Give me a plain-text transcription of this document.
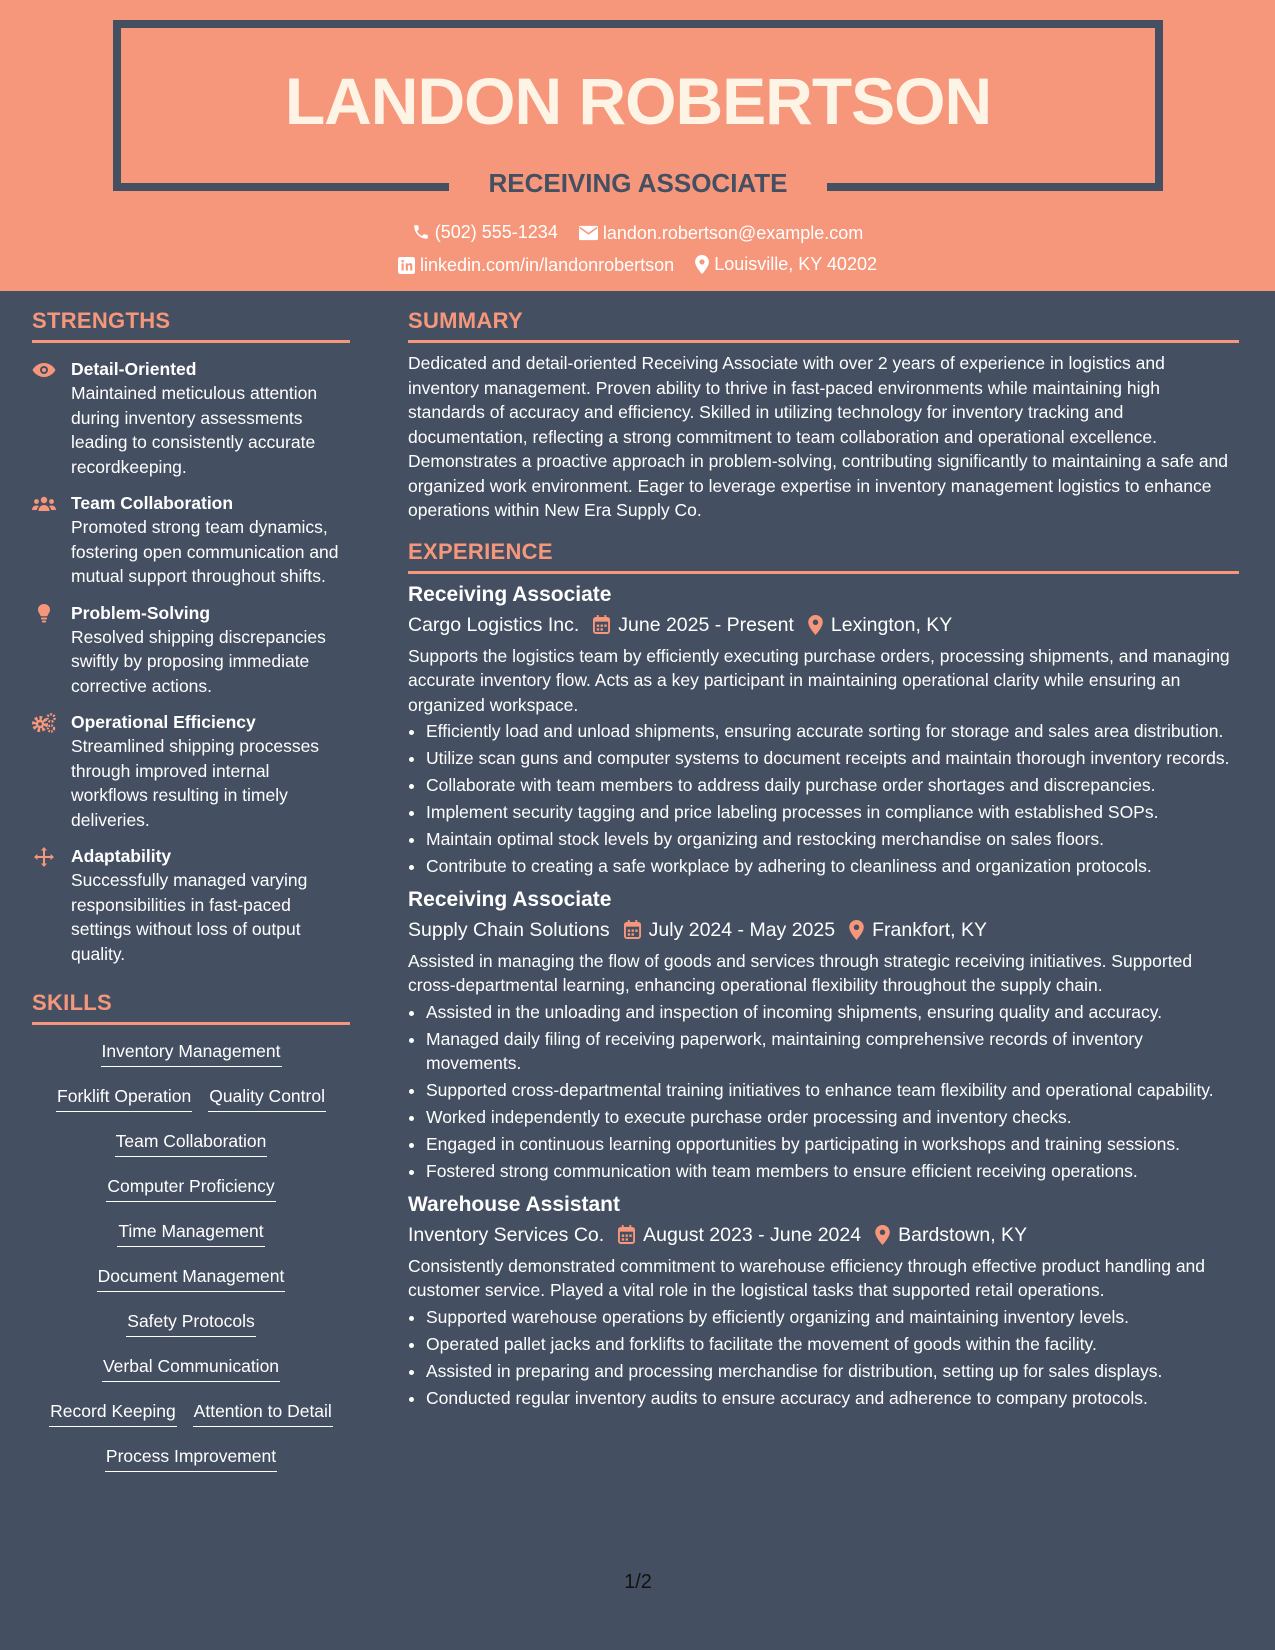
LANDON ROBERTSON
RECEIVING ASSOCIATE
(502) 555-1234
	landon.robertson@example.com
linkedin.com/in/landonrobertson
Louisville, KY 40202
STRENGTHS
Detail-Oriented
Maintained meticulous attention during inventory assessments leading to consistently accurate recordkeeping.
Team Collaboration
Promoted strong team dynamics, fostering open communication and mutual support throughout shifts.
Problem-Solving
Resolved shipping discrepancies swiftly by proposing immediate corrective actions.
Operational Efficiency
Streamlined shipping processes through improved internal workflows resulting in timely deliveries.
Adaptability
Successfully managed varying responsibilities in fast-paced settings without loss of output quality.
SKILLS
Inventory Management
Forklift Operation Quality Control
Team Collaboration
Computer Proficiency
Time Management
Document Management
Safety Protocols
Verbal Communication
Record Keeping Attention to Detail
Process Improvement
SUMMARY
Dedicated and detail-oriented Receiving Associate with over 2 years of experience in logistics and inventory management. Proven ability to thrive in fast-paced environments while maintaining high standards of accuracy and efficiency. Skilled in utilizing technology for inventory tracking and documentation, reflecting a strong commitment to team collaboration and operational excellence. Demonstrates a proactive approach in problem-solving, contributing significantly to maintaining a safe and organized work environment. Eager to leverage expertise in inventory management logistics to enhance operations within New Era Supply Co.
EXPERIENCE
Receiving Associate
Cargo Logistics Inc. June 2025 - Present Lexington, KY
Supports the logistics team by efficiently executing purchase orders, processing shipments, and managing accurate inventory flow. Acts as a key participant in maintaining operational clarity while ensuring an organized workspace.
• Efficiently load and unload shipments, ensuring accurate sorting for storage and sales area distribution.
• Utilize scan guns and computer systems to document receipts and maintain thorough inventory records.
• Collaborate with team members to address daily purchase order shortages and discrepancies.
• Implement security tagging and price labeling processes in compliance with established SOPs.
• Maintain optimal stock levels by organizing and restocking merchandise on sales floors.
• Contribute to creating a safe workplace by adhering to cleanliness and organization protocols.
Receiving Associate
Supply Chain Solutions July 2024 - May 2025 Frankfort, KY
Assisted in managing the flow of goods and services through strategic receiving initiatives. Supported cross-departmental learning, enhancing operational flexibility throughout the supply chain.
• Assisted in the unloading and inspection of incoming shipments, ensuring quality and accuracy.
• Managed daily filing of receiving paperwork, maintaining comprehensive records of inventory movements.
• Supported cross-departmental training initiatives to enhance team flexibility and operational capability.
• Worked independently to execute purchase order processing and inventory checks.
• Engaged in continuous learning opportunities by participating in workshops and training sessions.
• Fostered strong communication with team members to ensure efficient receiving operations.
Warehouse Assistant
Inventory Services Co. August 2023 - June 2024 Bardstown, KY
Consistently demonstrated commitment to warehouse efficiency through effective product handling and customer service. Played a vital role in the logistical tasks that supported retail operations.
• Supported warehouse operations by efficiently organizing and maintaining inventory levels.
• Operated pallet jacks and forklifts to facilitate the movement of goods within the facility.
• Assisted in preparing and processing merchandise for distribution, setting up for sales displays.
• Conducted regular inventory audits to ensure accuracy and adherence to company protocols.
1/2
